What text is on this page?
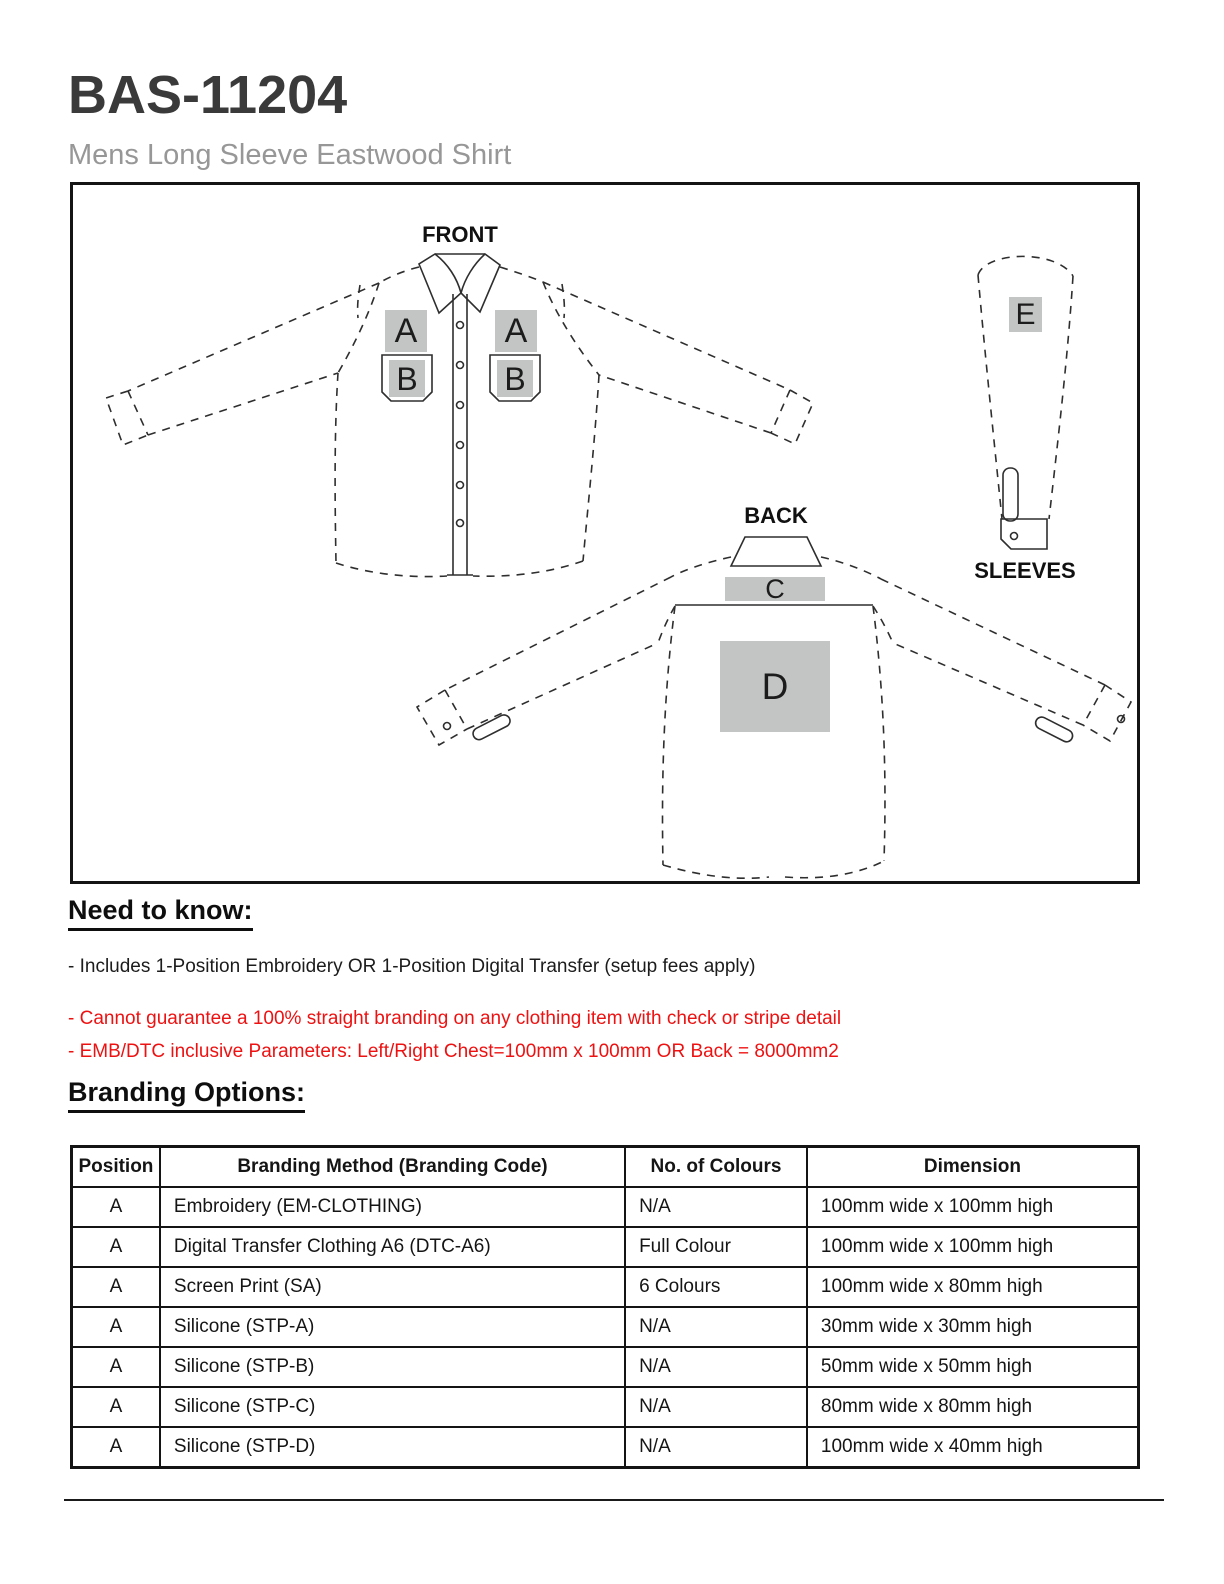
BAS-11204
Mens Long Sleeve Eastwood Shirt
FRONT
BACK
SLEEVES
A	A
B	B
C
D
E
Need to know:
- Includes 1-Position Embroidery OR 1-Position Digital Transfer (setup fees apply)
- Cannot guarantee a 100% straight branding on any clothing item with check or stripe detail
- EMB/DTC inclusive Parameters: Left/Right Chest=100mm x 100mm OR Back = 8000mm2
Branding Options:
Position	Branding Method (Branding Code)	No. of Colours	Dimension
A	Embroidery (EM-CLOTHING)	N/A	100mm wide x 100mm high
A	Digital Transfer Clothing A6 (DTC-A6)	Full Colour	100mm wide x 100mm high
A	Screen Print (SA)	6 Colours	100mm wide x 80mm high
A	Silicone (STP-A)	N/A	30mm wide x 30mm high
A	Silicone (STP-B)	N/A	50mm wide x 50mm high
A	Silicone (STP-C)	N/A	80mm wide x 80mm high
A	Silicone (STP-D)	N/A	100mm wide x 40mm high
